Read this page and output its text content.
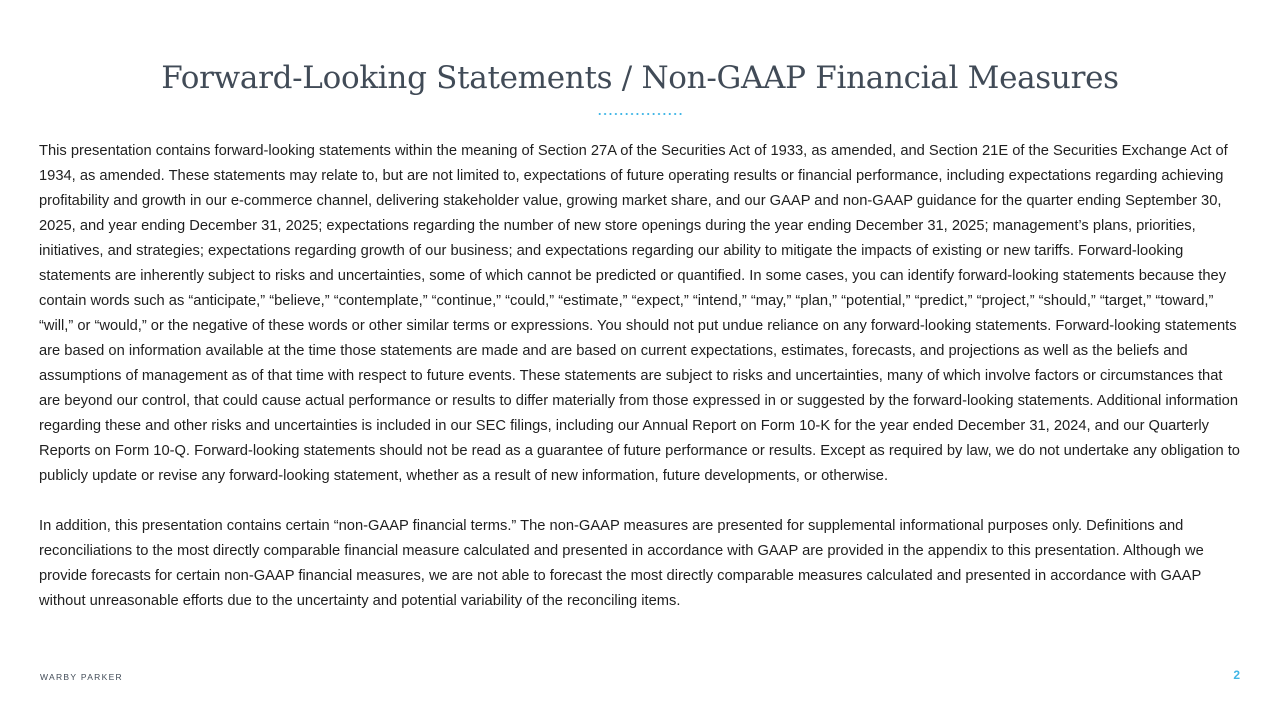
Forward-Looking Statements / Non-GAAP Financial Measures

This presentation contains forward-looking statements within the meaning of Section 27A of the Securities Act of 1933, as amended, and Section 21E of the Securities Exchange Act of 1934, as amended. These statements may relate to, but are not limited to, expectations of future operating results or financial performance, including expectations regarding achieving profitability and growth in our e-commerce channel, delivering stakeholder value, growing market share, and our GAAP and non-GAAP guidance for the quarter ending September 30, 2025, and year ending December 31, 2025; expectations regarding the number of new store openings during the year ending December 31, 2025; management’s plans, priorities, initiatives, and strategies; expectations regarding growth of our business; and expectations regarding our ability to mitigate the impacts of existing or new tariffs. Forward-looking statements are inherently subject to risks and uncertainties, some of which cannot be predicted or quantified. In some cases, you can identify forward-looking statements because they contain words such as “anticipate,” “believe,” “contemplate,” “continue,” “could,” “estimate,” “expect,” “intend,” “may,” “plan,” “potential,” “predict,” “project,” “should,” “target,” “toward,” “will,” or “would,” or the negative of these words or other similar terms or expressions. You should not put undue reliance on any forward-looking statements. Forward-looking statements are based on information available at the time those statements are made and are based on current expectations, estimates, forecasts, and projections as well as the beliefs and assumptions of management as of that time with respect to future events. These statements are subject to risks and uncertainties, many of which involve factors or circumstances that are beyond our control, that could cause actual performance or results to differ materially from those expressed in or suggested by the forward-looking statements. Additional information regarding these and other risks and uncertainties is included in our SEC filings, including our Annual Report on Form 10-K for the year ended December 31, 2024, and our Quarterly Reports on Form 10-Q. Forward-looking statements should not be read as a guarantee of future performance or results. Except as required by law, we do not undertake any obligation to publicly update or revise any forward-looking statement, whether as a result of new information, future developments, or otherwise.

In addition, this presentation contains certain “non-GAAP financial terms.” The non-GAAP measures are presented for supplemental informational purposes only. Definitions and reconciliations to the most directly comparable financial measure calculated and presented in accordance with GAAP are provided in the appendix to this presentation. Although we provide forecasts for certain non-GAAP financial measures, we are not able to forecast the most directly comparable measures calculated and presented in accordance with GAAP without unreasonable efforts due to the uncertainty and potential variability of the reconciling items.

WARBY PARKER	2
